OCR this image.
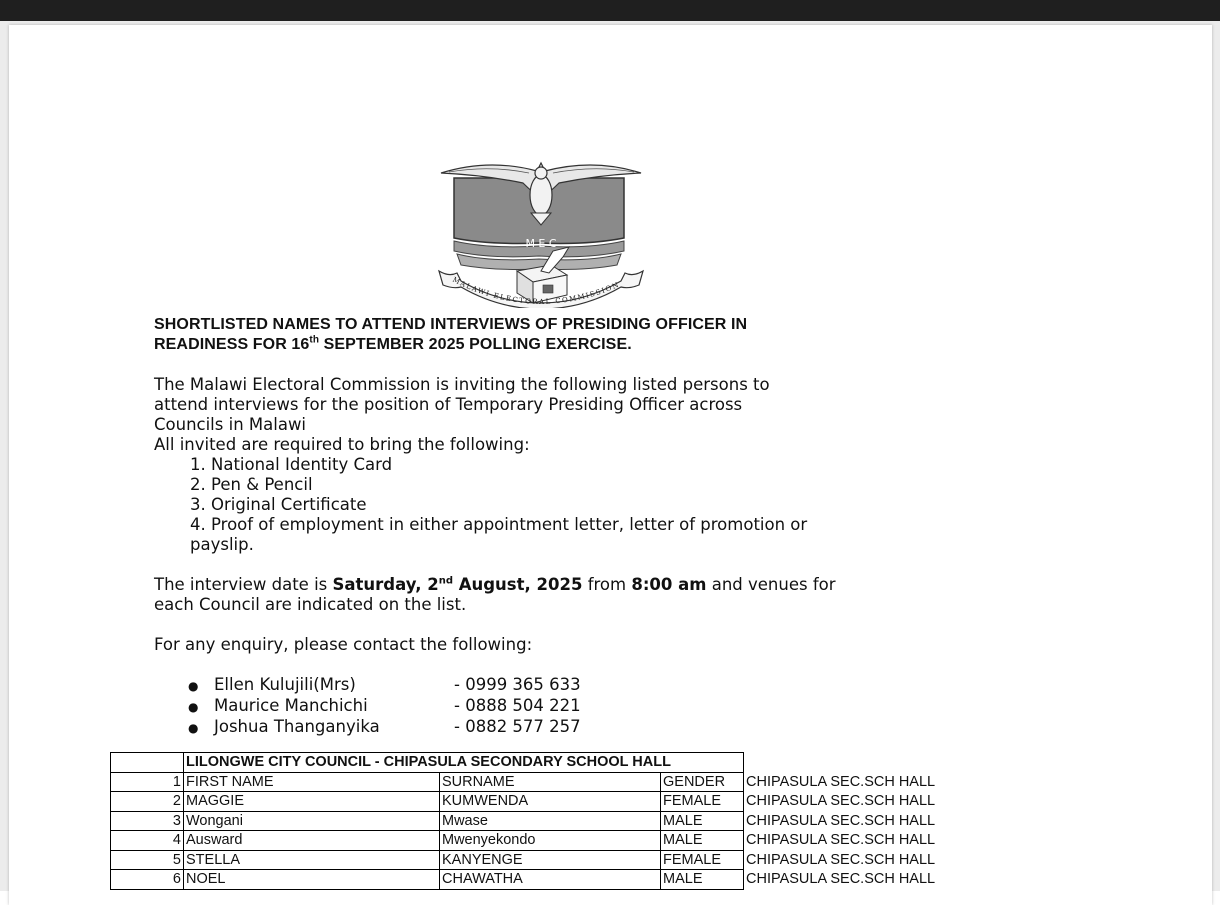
M E C
MALAWI ELECTORAL COMMISSION
SHORTLISTED NAMES TO ATTEND INTERVIEWS OF PRESIDING OFFICER IN
READINESS FOR 16th SEPTEMBER 2025 POLLING EXERCISE.

The Malawi Electoral Commission is inviting the following listed persons to

attend interviews for the position of Temporary Presiding Officer across

Councils in Malawi

All invited are required to bring the following:

1. National Identity Card
2. Pen & Pencil
3. Original Certificate
4. Proof of employment in either appointment letter, letter of promotion or
payslip.

The interview date is Saturday, 2nd August, 2025 from 8:00 am and venues for

each Council are indicated on the list.

For any enquiry, please contact the following:

● Ellen Kulujili(Mrs)	- 0999 365 633
● Maurice Manchichi	- 0888 504 221
● Joshua Thanganyika	- 0882 577 257
	LILONGWE CITY COUNCIL - CHIPASULA SECONDARY SCHOOL HALL			
1	FIRST NAME	SURNAME	GENDER	CHIPASULA SEC.SCH HALL
2	MAGGIE	KUMWENDA	FEMALE	CHIPASULA SEC.SCH HALL
3	Wongani	Mwase	MALE	CHIPASULA SEC.SCH HALL
4	Ausward	Mwenyekondo	MALE	CHIPASULA SEC.SCH HALL
5	STELLA	KANYENGE	FEMALE	CHIPASULA SEC.SCH HALL
6	NOEL	CHAWATHA	MALE	CHIPASULA SEC.SCH HALL
